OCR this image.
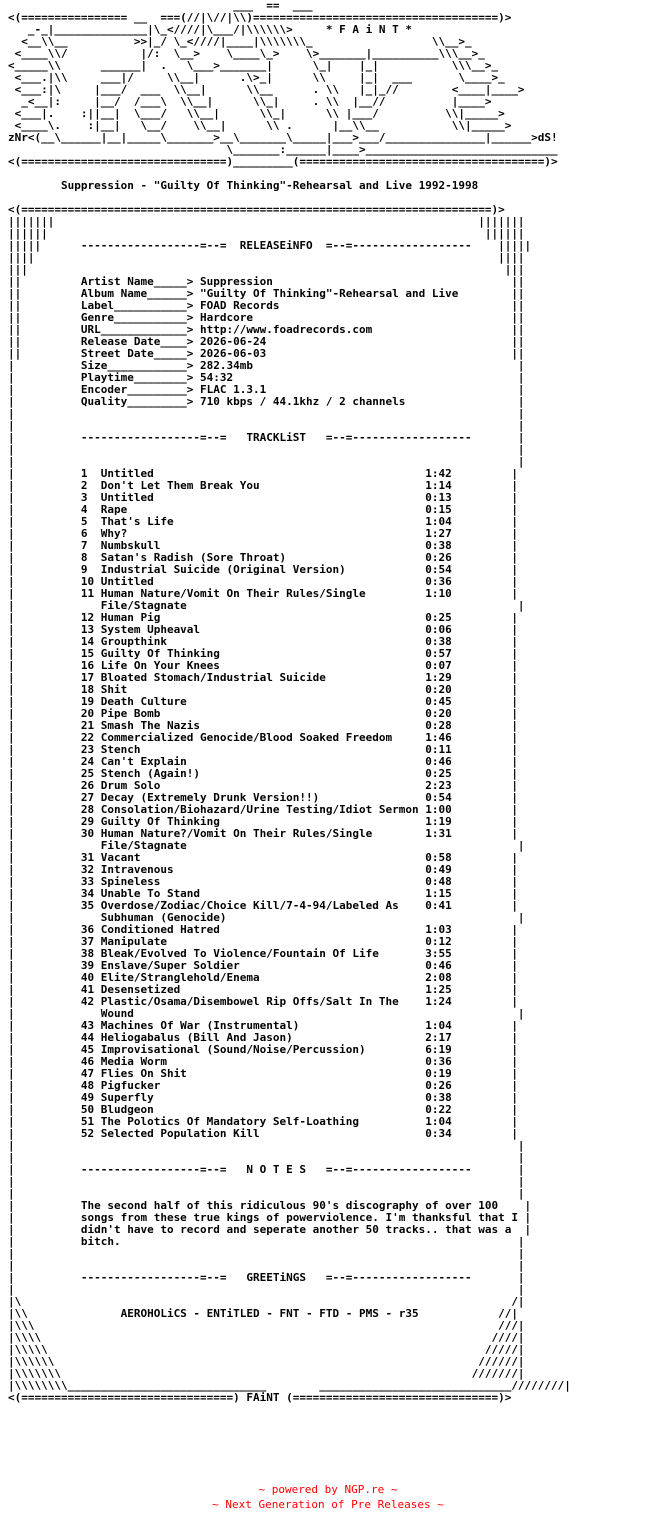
___  ==  ___
<(================ __  ===(//|\//|\\)=====================================)>
_-_|______________|\_<////|\___/|\\\\\\>     * F A i N T *
<__\\__          >>|_/ \_<////|____|\\\\\\\_                  \\__>_
<____\\/           |/:  \__>    \____\_>    \>_______|__________\\\__>_
<_____\\      ______|  .   \___>_______|      \_|    |_|           \\\__>_
<___.|\\     ___|/     \\__|      .\>_|      \\     |_|  ___       \____>_
<___:|\     |___/  ___  \\__|      \\__      . \\   |_|_//        <____|____>
_<__|:     |__/  /___\  \\__|      \\_|     . \\  |__//          |____>
<___|.    :||__|  \___/   \\__|      \\_|      \\ |___/          \\|_____>
<____\.    :|__|   \__/    \\__|      \\ .      |__\\__           \\|_____>
zNr<(__\______|__|_____\_______>__\_______\_____|___>___/_______________|______>dS!
\_______:______|____>_____________________________
<(===============================)_________(=====================================)>
Suppression - "Guilty Of Thinking"-Rehearsal and Live 1992-1998
<(=======================================================================)>
|||||||                                                                |||||||
||||||                                                                  ||||||
|||||      ------------------=--=  RELEASEiNFO  =--=------------------    |||||
||||                                                                      ||||
|||                                                                        |||
||         Artist Name_____> Suppression                                    ||
||         Album Name______> "Guilty Of Thinking"-Rehearsal and Live        ||
||         Label___________> FOAD Records                                   ||
||         Genre___________> Hardcore                                       ||
||         URL_____________> http://www.foadrecords.com                     ||
||         Release Date____> 2026-06-24                                     ||
||         Street Date_____> 2026-06-03                                     ||
|          Size____________> 282.34mb                                        |
|          Playtime________> 54:32                                           |
|          Encoder_________> FLAC 1.3.1                                      |
|          Quality_________> 710 kbps / 44.1khz / 2 channels                 |
|                                                                            |
|                                                                            |
|          ------------------=--=   TRACKLiST   =--=------------------       |
|                                                                            |
|                                                                            |
|          1  Untitled                                         1:42         |
|          2  Don't Let Them Break You                         1:14         |
|          3  Untitled                                         0:13         |
|          4  Rape                                             0:15         |
|          5  That's Life                                      1:04         |
|          6  Why?                                             1:27         |
|          7  Numbskull                                        0:38         |
|          8  Satan's Radish (Sore Throat)                     0:26         |
|          9  Industrial Suicide (Original Version)            0:54         |
|          10 Untitled                                         0:36         |
|          11 Human Nature/Vomit On Their Rules/Single         1:10         |
|             File/Stagnate                                                  |
|          12 Human Pig                                        0:25         |
|          13 System Upheaval                                  0:06         |
|          14 Groupthink                                       0:38         |
|          15 Guilty Of Thinking                               0:57         |
|          16 Life On Your Knees                               0:07         |
|          17 Bloated Stomach/Industrial Suicide               1:29         |
|          18 Shit                                             0:20         |
|          19 Death Culture                                    0:45         |
|          20 Pipe Bomb                                        0:20         |
|          21 Smash The Nazis                                  0:28         |
|          22 Commercialized Genocide/Blood Soaked Freedom     1:46         |
|          23 Stench                                           0:11         |
|          24 Can't Explain                                    0:46         |
|          25 Stench (Again!)                                  0:25         |
|          26 Drum Solo                                        2:23         |
|          27 Decay (Extremely Drunk Version!!)                0:54         |
|          28 Consolation/Biohazard/Urine Testing/Idiot Sermon 1:00         |
|          29 Guilty Of Thinking                               1:19         |
|          30 Human Nature?/Vomit On Their Rules/Single        1:31         |
|             File/Stagnate                                                  |
|          31 Vacant                                           0:58         |
|          32 Intravenous                                      0:49         |
|          33 Spineless                                        0:48         |
|          34 Unable To Stand                                  1:15         |
|          35 Overdose/Zodiac/Choice Kill/7-4-94/Labeled As    0:41         |
|             Subhuman (Genocide)                                            |
|          36 Conditioned Hatred                               1:03         |
|          37 Manipulate                                       0:12         |
|          38 Bleak/Evolved To Violence/Fountain Of Life       3:55         |
|          39 Enslave/Super Soldier                            0:46         |
|          40 Elite/Stranglehold/Enema                         2:08         |
|          41 Desensetized                                     1:25         |
|          42 Plastic/Osama/Disembowel Rip Offs/Salt In The    1:24         |
|             Wound                                                          |
|          43 Machines Of War (Instrumental)                   1:04         |
|          44 Heliogabalus (Bill And Jason)                    2:17         |
|          45 Improvisational (Sound/Noise/Percussion)         6:19         |
|          46 Media Worm                                       0:36         |
|          47 Flies On Shit                                    0:19         |
|          48 Pigfucker                                        0:26         |
|          49 Superfly                                         0:38         |
|          50 Bludgeon                                         0:22         |
|          51 The Polotics Of Mandatory Self-Loathing          1:04         |
|          52 Selected Population Kill                         0:34         |
|                                                                            |
|                                                                            |
|          ------------------=--=   N O T E S   =--=------------------       |
|                                                                            |
|                                                                            |
|          The second half of this ridiculous 90's discography of over 100    |
|          songs from these true kings of powerviolence. I'm thanksful that I |
|          didn't have to record and seperate another 50 tracks.. that was a  |
|          bitch.                                                            |
|                                                                            |
|                                                                            |
|          ------------------=--=   GREETiNGS   =--=------------------       |
|                                                                            |
|\                                                                          /|
|\\              AEROHOLiCS - ENTiTLED - FNT - FTD - PMS - r35            //|
|\\\                                                                      ///|
|\\\\                                                                    ////|
|\\\\\                                                                  /////|
|\\\\\\                                                                //////|
|\\\\\\\                                                              ///////|
|\\\\\\\\______________________________        _____________________________////////|
<(================================) FAiNT (===============================)>
~ powered by NGP.re ~
~ Next Generation of Pre Releases ~
